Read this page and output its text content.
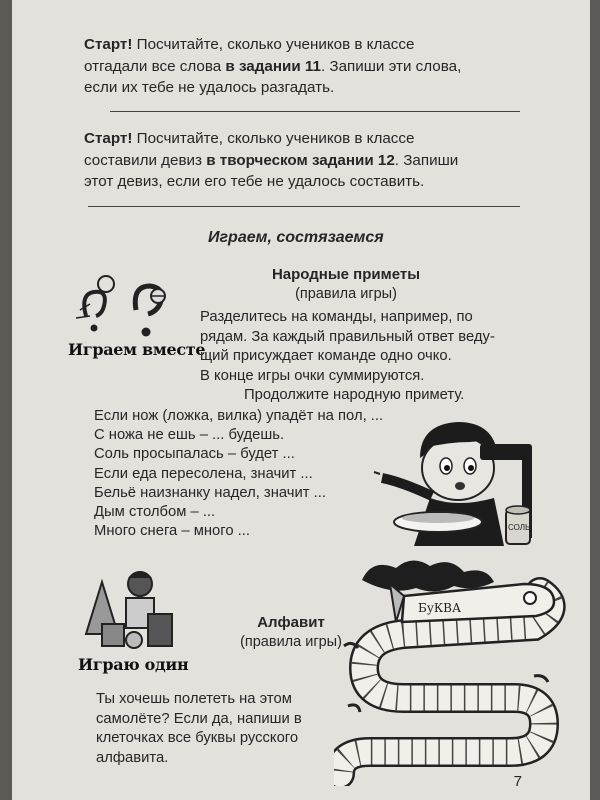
Старт! Посчитайте, сколько учеников в классе
отгадали все слова в задании 11. Запиши эти слова,
если их тебе не удалось разгадать.
Старт! Посчитайте, сколько учеников в классе
составили девиз в творческом задании 12. Запиши
этот девиз, если его тебе не удалось составить.
Играем, состязаемся
Играем вместе
Народные приметы
(правила игры)
Разделитесь на команды, например, по
рядам. За каждый правильный ответ веду-
щий присуждает команде одно очко.
В конце игры очки суммируются.
Продолжите народную примету.
Если нож (ложка, вилка) упадёт на пол, ...
С ножа не ешь – ... будешь.
Соль просыпалась – будет ...
Если еда пересолена, значит ...
Бельё наизнанку надел, значит ...
Дым столбом – ...
Много снега – много ...	СОЛЬ
Играю один
Алфавит
(правила игры)
Ты хочешь полететь на этом
самолёте? Если да, напиши в
клеточках все буквы русского
алфавита.
БуКВА
7
